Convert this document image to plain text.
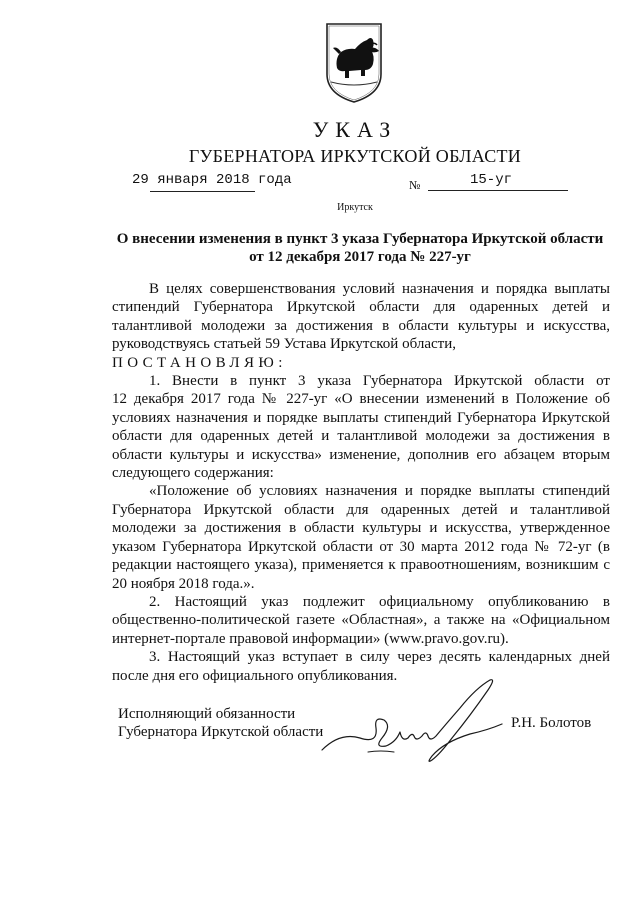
УКАЗ
ГУБЕРНАТОРА ИРКУТСКОЙ ОБЛАСТИ
29 января 2018 года	№	15-уг
Иркутск
О внесении изменения в пункт 3 указа Губернатора Иркутской области
от 12 декабря 2017 года № 227-уг
В целях совершенствования условий назначения и порядка выплаты
стипендий Губернатора Иркутской области для одаренных детей и
талантливой молодежи за достижения в области культуры и искусства,
руководствуясь статьей 59 Устава Иркутской области,
ПОСТАНОВЛЯЮ:
1. Внести в пункт 3 указа Губернатора Иркутской области от
12 декабря 2017 года № 227-уг «О внесении изменений в Положение об
условиях назначения и порядке выплаты стипендий Губернатора Иркутской
области для одаренных детей и талантливой молодежи за достижения в
области культуры и искусства» изменение, дополнив его абзацем вторым
следующего содержания:
«Положение об условиях назначения и порядке выплаты стипендий
Губернатора Иркутской области для одаренных детей и талантливой
молодежи за достижения в области культуры и искусства, утвержденное
указом Губернатора Иркутской области от 30 марта 2012 года № 72-уг (в
редакции настоящего указа), применяется к правоотношениям, возникшим с
20 ноября 2018 года.».
2. Настоящий указ подлежит официальному опубликованию в
общественно-политической газете «Областная», а также на «Официальном
интернет-портале правовой информации» (www.pravo.gov.ru).
3. Настоящий указ вступает в силу через десять календарных дней
после дня его официального опубликования.
Исполняющий обязанности
Губернатора Иркутской области
Р.Н. Болотов
